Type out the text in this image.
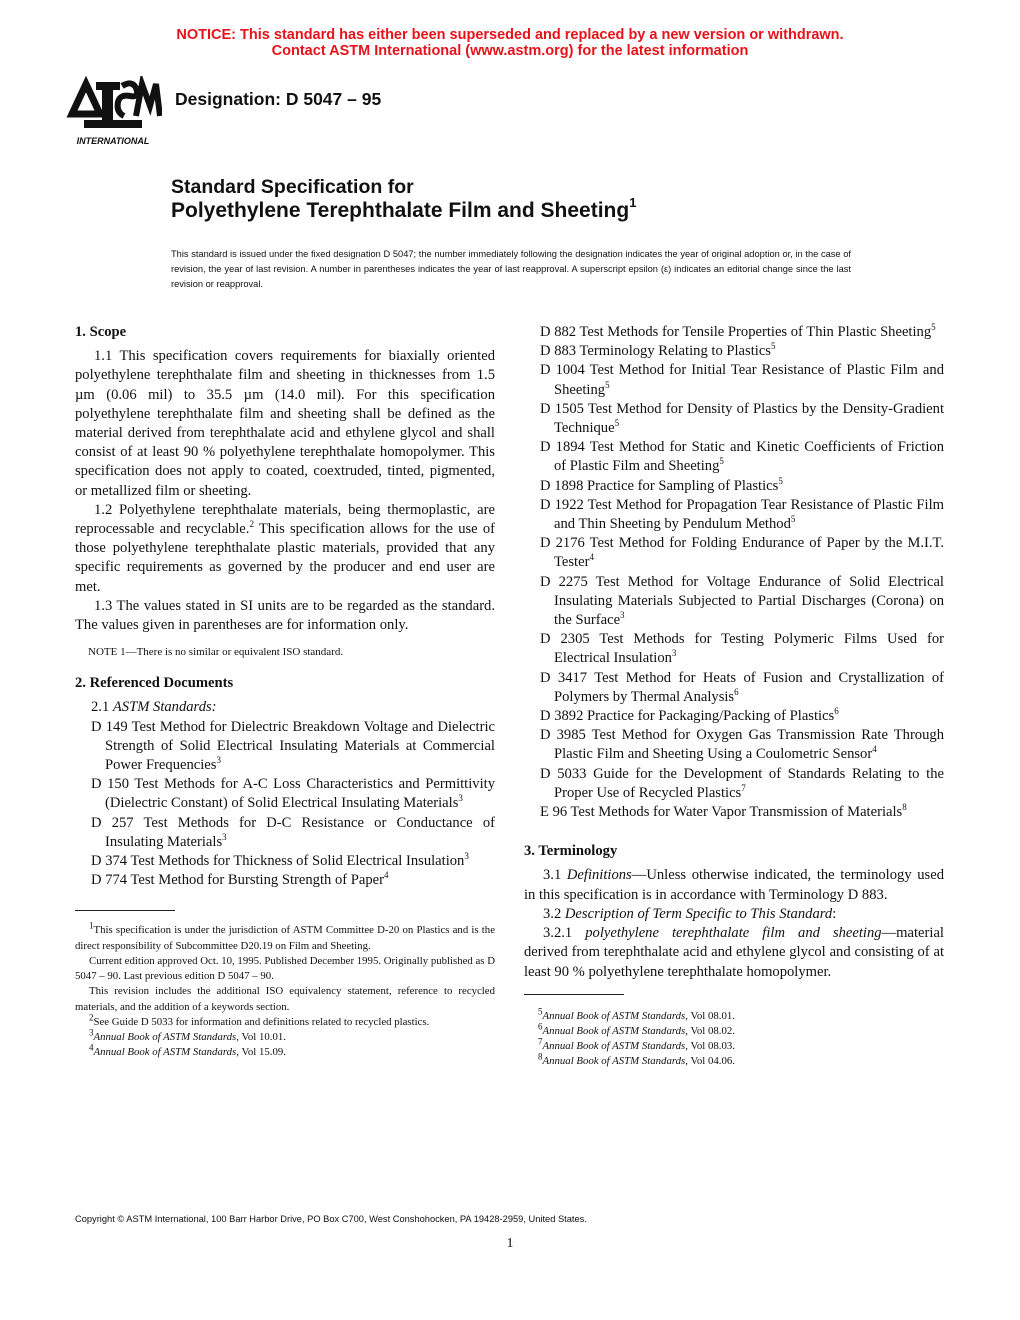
NOTICE: This standard has either been superseded and replaced by a new version or withdrawn.
Contact ASTM International (www.astm.org) for the latest information
INTERNATIONAL
Designation: D 5047 – 95
Standard Specification for
Polyethylene Terephthalate Film and Sheeting$^1$
This standard is issued under the fixed designation D 5047; the number immediately following the designation indicates the year of original adoption or, in the case of revision, the year of last revision. A number in parentheses indicates the year of last reapproval. A superscript epsilon (ε) indicates an editorial change since the last revision or reapproval.

1. Scope

1.1 This specification covers requirements for biaxially oriented polyethylene terephthalate film and sheeting in thicknesses from 1.5 µm (0.06 mil) to 35.5 µm (14.0 mil). For this specification polyethylene terephthalate film and sheeting shall be defined as the material derived from terephthalate acid and ethylene glycol and shall consist of at least 90 % polyethylene terephthalate homopolymer. This specification does not apply to coated, coextruded, tinted, pigmented, or metallized film or sheeting.

1.2 Polyethylene terephthalate materials, being thermoplastic, are reprocessable and recyclable.$^2$ This specification allows for the use of those polyethylene terephthalate plastic materials, provided that any specific requirements as governed by the producer and end user are met.

1.3 The values stated in SI units are to be regarded as the standard. The values given in parentheses are for information only.

NOTE 1—There is no similar or equivalent ISO standard.

2. Referenced Documents

2.1 ASTM Standards:

D 149 Test Method for Dielectric Breakdown Voltage and Dielectric Strength of Solid Electrical Insulating Materials at Commercial Power Frequencies$^3$

D 150 Test Methods for A-C Loss Characteristics and Permittivity (Dielectric Constant) of Solid Electrical Insulating Materials$^3$

D 257 Test Methods for D-C Resistance or Conductance of Insulating Materials$^3$

D 374 Test Methods for Thickness of Solid Electrical Insulation$^3$

D 774 Test Method for Bursting Strength of Paper$^4$

$^1$This specification is under the jurisdiction of ASTM Committee D-20 on Plastics and is the direct responsibility of Subcommittee D20.19 on Film and Sheeting.

Current edition approved Oct. 10, 1995. Published December 1995. Originally published as D 5047 – 90. Last previous edition D 5047 – 90.

This revision includes the additional ISO equivalency statement, reference to recycled materials, and the addition of a keywords section.

$^2$See Guide D 5033 for information and definitions related to recycled plastics.

$^3$Annual Book of ASTM Standards, Vol 10.01.

$^4$Annual Book of ASTM Standards, Vol 15.09.

D 882 Test Methods for Tensile Properties of Thin Plastic Sheeting$^5$

D 883 Terminology Relating to Plastics$^5$

D 1004 Test Method for Initial Tear Resistance of Plastic Film and Sheeting$^5$

D 1505 Test Method for Density of Plastics by the Density-Gradient Technique$^5$

D 1894 Test Method for Static and Kinetic Coefficients of Friction of Plastic Film and Sheeting$^5$

D 1898 Practice for Sampling of Plastics$^5$

D 1922 Test Method for Propagation Tear Resistance of Plastic Film and Thin Sheeting by Pendulum Method$^5$

D 2176 Test Method for Folding Endurance of Paper by the M.I.T. Tester$^4$

D 2275 Test Method for Voltage Endurance of Solid Electrical Insulating Materials Subjected to Partial Discharges (Corona) on the Surface$^3$

D 2305 Test Methods for Testing Polymeric Films Used for Electrical Insulation$^3$

D 3417 Test Method for Heats of Fusion and Crystallization of Polymers by Thermal Analysis$^6$

D 3892 Practice for Packaging/Packing of Plastics$^6$

D 3985 Test Method for Oxygen Gas Transmission Rate Through Plastic Film and Sheeting Using a Coulometric Sensor$^4$

D 5033 Guide for the Development of Standards Relating to the Proper Use of Recycled Plastics$^7$

E 96 Test Methods for Water Vapor Transmission of Materials$^8$

3. Terminology

3.1 Definitions—Unless otherwise indicated, the terminology used in this specification is in accordance with Terminology D 883.

3.2 Description of Term Specific to This Standard:

3.2.1 polyethylene terephthalate film and sheeting—material derived from terephthalate acid and ethylene glycol and consisting of at least 90 % polyethylene terephthalate homopolymer.

$^5$Annual Book of ASTM Standards, Vol 08.01.

$^6$Annual Book of ASTM Standards, Vol 08.02.

$^7$Annual Book of ASTM Standards, Vol 08.03.

$^8$Annual Book of ASTM Standards, Vol 04.06.

Copyright © ASTM International, 100 Barr Harbor Drive, PO Box C700, West Conshohocken, PA 19428-2959, United States.
1
